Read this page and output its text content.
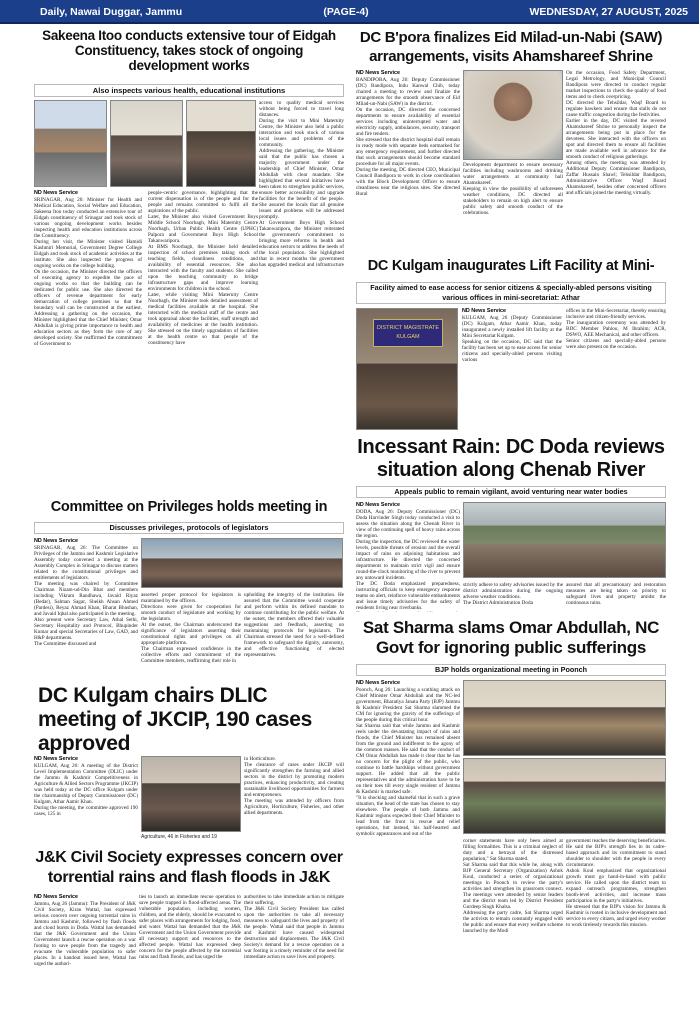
Daily, Nawai Duggar, Jammu	(PAGE-4)	WEDNESDAY, 27 AUGUST, 2025
Sakeena Itoo conducts extensive tour of Eidgah Constituency, takes stock of ongoing development works
Also inspects various health, educational institutions
access to quality medical services without being forced to travel long distances.
During the visit to Mini Maternity Centre, the Minister also held a public interaction and took stock of various local issues and problems of the community.
Addressing the gathering, the Minister said that the public has chosen a majority government under the leadership of Chief Minister, Omar Abdullah with clear mandate. She highlighted that several initiatives have been taken to strengthen public services, ensure better accessibility and upgrade facilities for the benefit of the people. She assured the locals that all genuine issues and problems will be addressed promptly.
At Government Boys High School Takanwaripora, the Minister reiterated the government's commitment to bringing more reforms in health and education sectors to address the needs of the local population. She highlighted that in recent months the government has upgraded medical and infrastructure

ND News Service
SRINAGAR, Aug 26: Minister for Health and Medical Education, Social Welfare and Education, Sakeena Itoo today conducted an extensive tour of Eidgah constituency of Srinagar and took stock of various ongoing development works besides inspecting health and education institutions across the Constituency.
During her visit, the Minister visited Hamidi Kashmiri Memorial, Government Degree College Eidgah and took stock of academic activities at the institute. She also inspected the progress of ongoing works on the college building.
On the occasion, the Minister directed the officers of executing agency to expedite the pace of ongoing works so that the building can be dedicated for public use. She also directed the officers of revenue department for early demarcation of college premises so that the boundary wall can be constructed at the earliest. Addressing a gathering on the occasion, the Minister highlighted that the Chief Minister, Omar Abdullah is giving prime importance to health and education sectors as they form the core of any developed society. She reaffirmed the commitment of Government to
people-centric governance, highlighting that the current dispensation is of the people and for the people and remains committed to fulfil all the aspirations of the public.
Later, the Minister also visited Government Boys Middle School Noorbagh, Mini Maternity Centre Noorbagh, Urban Public Health Centre (UPHC) Palpora and Government Boys High School Takanwaripora.
At BMS Noorbagh, the Minister held detailed inspection of school premises taking stock of teaching fields, cleanliness conditions, and availability of essential resources. She also interacted with the faculty and students. She called upon the teaching community to bridge infrastructure gaps and improve learning environments for children in the school.
Later, while visiting Mini Maternity Centre Noorbagh, the Minister took detailed assessment of medical facilities available at the hospital. She interacted with the medical staff of the centre and took appraisal about the facilities, staff strength and availability of medicines at the health institution. She stressed on the timely upgradation of facilities at the health centre so that people of the constituency have
Committee on Privileges holds meeting in
Discusses privileges, protocols of legislators
ND News Service
SRINAGAR, Aug 26: The Committee on Privileges of the Jammu and Kashmir Legislative Assembly today convened a meeting at the Assembly Complex in Srinagar to discuss matters related to the constitutional privileges and entitlements of legislators.
The meeting was chaired by Committee Chairman Nizam-ud-Din Bhat and members including Vikram Randhawa, Javaid Riyaz (Bedar), Salman Sagar, Sheikh Ahsan Ahmed (Pardesi), Reyaz Ahmad Khan, Bharat Bhushan, and Javaid Iqbal also participated in the meeting.
Also present were Secretary Law, Athal Sethi, Secretary Hospitality and Protocol, Bhupinder Kumar and special Secretaries of Law, GAD, and H&P departments.
The Committee discussed and
asserted proper protocol for legislators is maintained by the officers.
Directions were given for cooperation for smooth conduct of legislature and working by the legislators.
At the outset, the Chairman underscored the significance of legislators asserting their constitutional rights and privileges on all appropriate platforms.
The Chairman expressed confidence in the collective efforts and commitment of the Committee members, reaffirming their role in
upholding the integrity of the institution. He assured that the Committee would cooperate and perform within its defined mandate to continue contributing for the public welfare. At the outset, the members offered their valuable suggestions and feedback, asserting on maintaining protocols for legislators. The Chairman stressed the need for a well-defined framework to safeguard the dignity, autonomy, and effective functioning of elected representatives.
DC Kulgam chairs DLIC meeting of JKCIP, 190 cases approved
ND News Service
KULGAM, Aug 26: A meeting of the District Level Implementation Committee (DLIC) under the Jammu & Kashmir Competitiveness in Agriculture & Allied Sectors Programme (JKCIP) was held today at the DC office Kulgam under the chairmanship of Deputy Commissioner (DC) Kulgam, Athar Aamir Khan.
During the meeting, the committee approved 190 cases, 125 in
Agriculture, 46 in Fisheries and 19
in Horticulture.
The clearance of cases under JKCIP will significantly strengthen the farming and allied sectors in the district by promoting modern practices, enhancing productivity, and creating sustainable livelihood opportunities for farmers and entrepreneurs.
The meeting was attended by officers from Agriculture, Horticulture, Fisheries, and other allied departments.
J&K Civil Society expresses concern over torrential rains and flash floods in J&K
ND News Service
Jammu, Aug 26 (Jammu): The President of J&K Civil Society, Kiran Wattal, has expressed serious concern over ongoing torrential rains in Jammu and Kashmir, followed by flash floods and cloud bursts in Doda. Wattal has demanded that the J&K Government and the Union Government launch a rescue operation on a war footing to save people from the tragedy and evacuate the vulnerable population to safer places. In a handout issued here, Wattal has urged the authori-
ties to launch an immediate rescue operation to save people trapped in flood-affected areas. The vulnerable population, including women, children, and the elderly, should be evacuated to safer places with arrangements for lodging, food, and water. Wattal has demanded that the J&K Government and the Union Government provide all necessary support and resources to the affected people. Wattal has expressed deep concern for the people affected by the torrential rains and flash floods, and has urged the
authorities to take immediate action to mitigate their suffering.
The J&K Civil Society President has called upon the authorities to take all necessary measures to safeguard the lives and property of the people. Wattal said that people in Jammu and Kashmir have caused widespread destruction and displacement. The J&K Civil Society's demand for a rescue operation on a war footing is a timely reminder of the need for immediate action to save lives and property.
DC B'pora finalizes Eid Milad-un-Nabi (SAW) arrangements, visits Ahamshareef Shrine
ND News Service
BANDIPORA, Aug 26: Deputy Commissioner (DC) Bandipora, Indu Kanwal Chib, today chaired a meeting to review and finalize the arrangements for the smooth observance of Eid Milad-un-Nabi (SAW) in the district.
On the occasion, DC directed the concerned departments to ensure availability of essential services including uninterrupted water and electricity supply, ambulances, security, transport and fire tenders.
She stressed that the district hospital shall remain in ready mode with separate beds earmarked for any emergency requirement, and further directed that such arrangements should become standard procedure for all major events.
During the meeting, DC directed CEO, Municipal Council Bandipora to work in close coordination with the Block Development Officer to ensure cleanliness near the religious sites. She directed Rural
Development department to ensure necessary facilities including washrooms and drinking water arrangements at community hall Ahamshareef.
Keeping in view the possibility of unforeseen weather conditions, DC directed all stakeholders to remain on high alert to ensure public safety and smooth conduct of the celebrations.
On the occasion, Food Safety Department, Legal Metrology, and Municipal Council Bandipora were directed to conduct regular market inspections to check the quality of food items and to check overpricing.
DC directed the Tehsildar, Waqf Board to regulate hawkers and ensure that stalls do not cause traffic congestion during the festivities.
Earlier in the day, DC visited the revered Ahamshareef Shrine to personally inspect the arrangements being put in place for the devotees. She interacted with the officers on spot and directed them to ensure all facilities are made available well in advance for the smooth conduct of religious gatherings.
Among others, the meeting was attended by Additional Deputy Commissioner Bandipora, Zaffar Hussain Shawl; Tehsildar Bandipora, Administrative Officer Waqf Board Ahamshareef, besides other concerned officers and officials joined the meeting virtually.
DC Kulgam inaugurates Lift Facility at Mini-
Facility aimed to ease access for senior citizens & specially-abled persons visiting various offices in mini-secretariat: Athar
DISTRICT MAGISTRATE
KULGAM
ND News Service
KULGAM, Aug 26 (Deputy Commissioner (DC) Kulgam, Athar Aamir Khan, today inaugurated a newly installed lift facility at the Mini Secretariat Kulgam.
Speaking on the occasion, DC said that the facility has been set up to ease access for senior citizens and specially-abled persons visiting various
offices in the Mini-Secretariat, thereby ensuring inclusive and citizen-friendly services.
The inauguration ceremony was attended by BDC Member Pahloo, M Ibrahim; ACR, DSWO, AEE Mechanical, and other officers.
Senior citizens and specially-abled persons were also present on the occasion.
Incessant Rain: DC Doda reviews situation along Chenab River
Appeals public to remain vigilant, avoid venturing near water bodies
ND News Service
DODA, Aug 26: Deputy Commissioner (DC) Doda Harvinder Singh today conducted a visit to assess the situation along the Chenab River in view of the continuing spell of heavy rains across the region.
During the inspection, the DC reviewed the water levels, possible threats of erosion and the overall impact of rains on adjoining habitations and infrastructure. He directed the concerned departments to maintain strict vigil and ensure round-the-clock monitoring of the river to prevent any untoward incidents.
The DC Doda emphasized preparedness, instructing officials to keep emergency response teams on alert, reinforce vulnerable embankments and issue timely advisories for the safety of residents living near riverbanks.

strictly adhere to safety advisories issued by the district administration during the ongoing adverse weather conditions.
The District Administration Doda
assured that all precautionary and restoration measures are being taken on priority to safeguard lives and property amidst the continuous rains.
Sat Sharma slams Omar Abdullah, NC Govt for ignoring public sufferings
BJP holds organizational meeting in Poonch
ND News Service
Poonch, Aug 26: Launching a scathing attack on Chief Minister Omar Abdullah and the NC-led government, Bharatiya Janata Party (BJP) Jammu & Kashmir President Sat Sharma slammed the CM for ignoring the gravity of the sufferings of the people during this critical hour.
Sat Sharma said that while Jammu and Kashmir reels under the devastating impact of rains and floods, the Chief Minister has remained absent from the ground and indifferent to the agony of the common masses. He said that the conduct of CM Omar Abdullah has made it clear that he has no concern for the plight of the public, who continue to battle hardships without government support. He added that all the public representatives and the administration have to be on their toes till every single resident of Jammu & Kashmir is marked safe.
"It is shocking and shameful that in such a grave situation, the head of the state has chosen to stay elsewhere. The people of both Jammu and Kashmir regions expected their Chief Minister to lead from the front in rescue and relief operations, but instead, his half-hearted and symbolic appearances and out of the
corner statements have only been aimed at filling formalities. This is a criminal neglect of duty and a betrayal of the distressed population," Sat Sharma stated.
Sat Sharma said that this while he, along with BJP General Secretary (Organization) Ashok Koul, conducted a series of organizational meetings in Poonch to review the party's activities and strengthen its grassroots connect. The meetings were attended by senior leaders and the district team led by District President Gurdeep Singh Khalsa.
Addressing the party cadre, Sat Sharma urged the activists to remain constantly engaged with the public and ensure that every welfare scheme launched by the Modi
government reaches the deserving beneficiaries.
He said the BJP's strength lies in its cadre-based approach and its commitment to stand shoulder to shoulder with the people in every circumstance.
Ashok Koul emphasized that organizational growth must go hand-in-hand with public service. He called upon the district team to expand outreach programmes, strengthen booth-level activities, and increase mass participation in the party's initiatives.
He stressed that the BJP's vision for Jammu & Kashmir is rooted in inclusive development and service to every citizen, and urged every worker to work tirelessly towards this mission.
